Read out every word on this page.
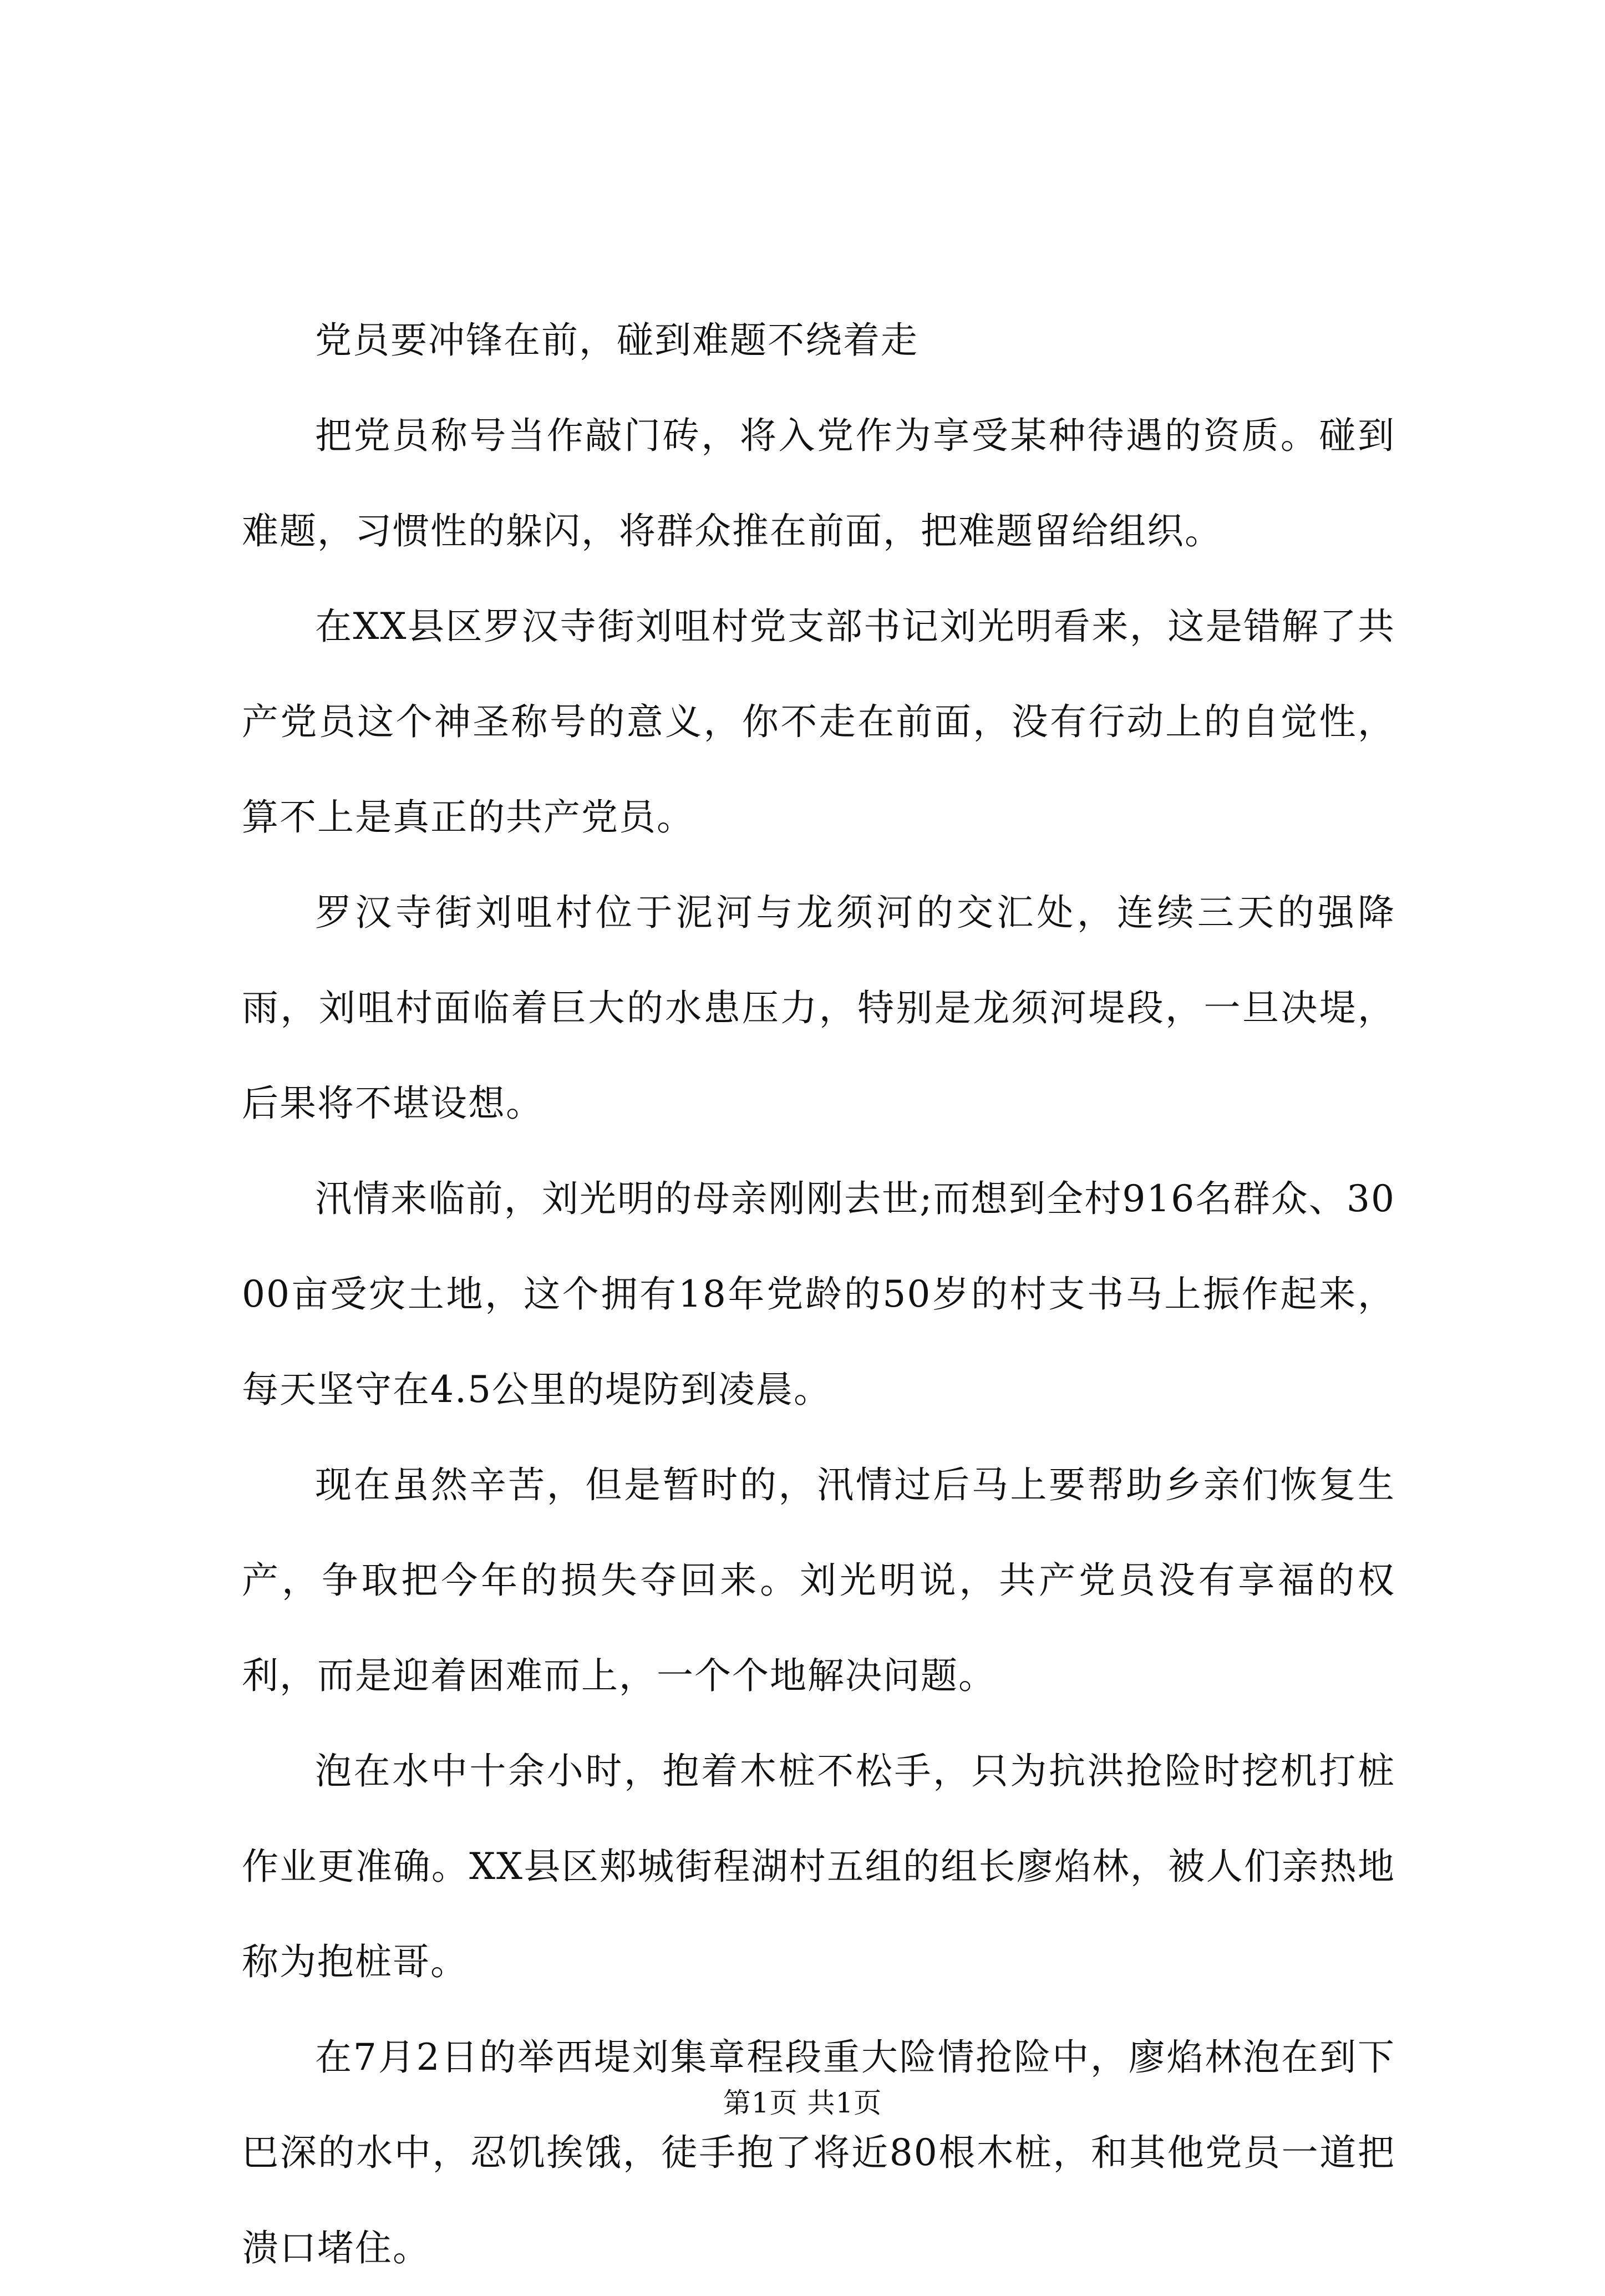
党员要冲锋在前，碰到难题不绕着走

把党员称号当作敲门砖，将入党作为享受某种待遇的资质。碰到难题，习惯性的躲闪，将群众推在前面，把难题留给组织。

在XX县区罗汉寺街刘咀村党支部书记刘光明看来，这是错解了共产党员这个神圣称号的意义，你不走在前面，没有行动上的自觉性，算不上是真正的共产党员。

罗汉寺街刘咀村位于泥河与龙须河的交汇处，连续三天的强降雨，刘咀村面临着巨大的水患压力，特别是龙须河堤段，一旦决堤，后果将不堪设想。

汛情来临前，刘光明的母亲刚刚去世;而想到全村916名群众、3000亩受灾土地，这个拥有18年党龄的50岁的村支书马上振作起来，每天坚守在4.5公里的堤防到凌晨。

现在虽然辛苦，但是暂时的，汛情过后马上要帮助乡亲们恢复生产，争取把今年的损失夺回来。刘光明说，共产党员没有享福的权利，而是迎着困难而上，一个个地解决问题。

泡在水中十余小时，抱着木桩不松手，只为抗洪抢险时挖机打桩作业更准确。XX县区郏城街程湖村五组的组长廖焰林，被人们亲热地称为抱桩哥。

在7月2日的举西堤刘集章程段重大险情抢险中，廖焰林泡在到下巴深的水中，忍饥挨饿，徒手抱了将近80根木桩，和其他党员一道把溃口堵住。

第1页 共1页
